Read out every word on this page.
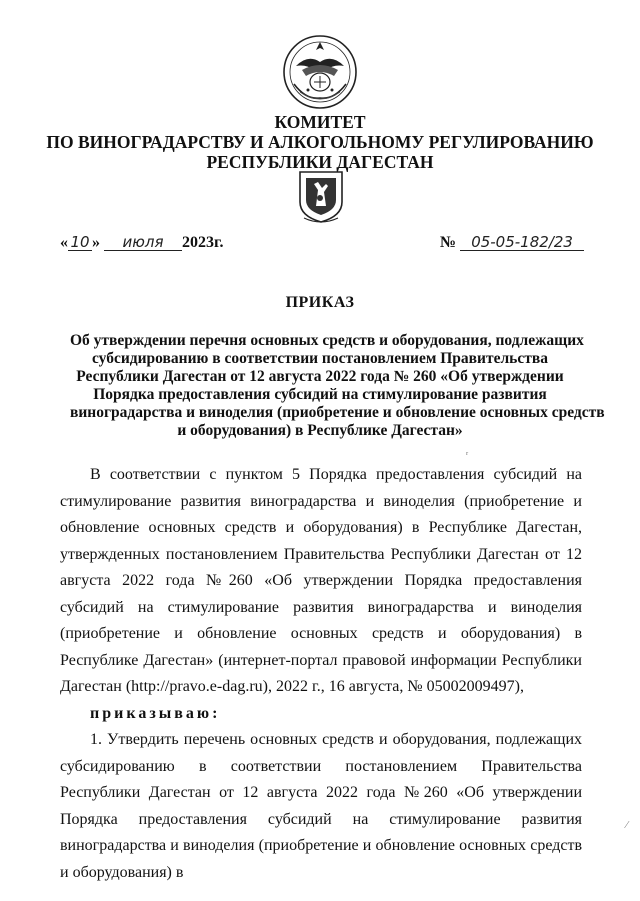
КОМИТЕТ
ПО ВИНОГРАДАРСТВУ И АЛКОГОЛЬНОМУ РЕГУЛИРОВАНИЮ
РЕСПУБЛИКИ ДАГЕСТАН
« 10 » июля 2023г.	№ 05-05-182/23
ПРИКАЗ
Об утверждении перечня основных средств и оборудования, подлежащих
субсидированию в соответствии постановлением Правительства
Республики Дагестан от 12 августа 2022 года № 260 «Об утверждении
Порядка предоставления субсидий на стимулирование развития
виноградарства и виноделия (приобретение и обновление основных средств
и оборудования) в Республике Дагестан»

В соответствии с пунктом 5 Порядка предоставления субсидий на стимулирование развития виноградарства и виноделия (приобретение и обновление основных средств и оборудования) в Республике Дагестан, утвержденных постановлением Правительства Республики Дагестан от 12 августа 2022 года №260 «Об утверждении Порядка предоставления субсидий на стимулирование развития виноградарства и виноделия (приобретение и обновление основных средств и оборудования) в Республике Дагестан» (интернет-портал правовой информации Республики Дагестан (http://pravo.e-dag.ru), 2022 г., 16 августа, № 05002009497),

приказываю:

1. Утвердить перечень основных средств и оборудования, подлежащих субсидированию в соответствии постановлением Правительства Республики Дагестан от 12 августа 2022 года №260 «Об утверждении Порядка предоставления субсидий на стимулирование развития виноградарства и виноделия (приобретение и обновление основных средств и оборудования) в

ᵣ
⁄
